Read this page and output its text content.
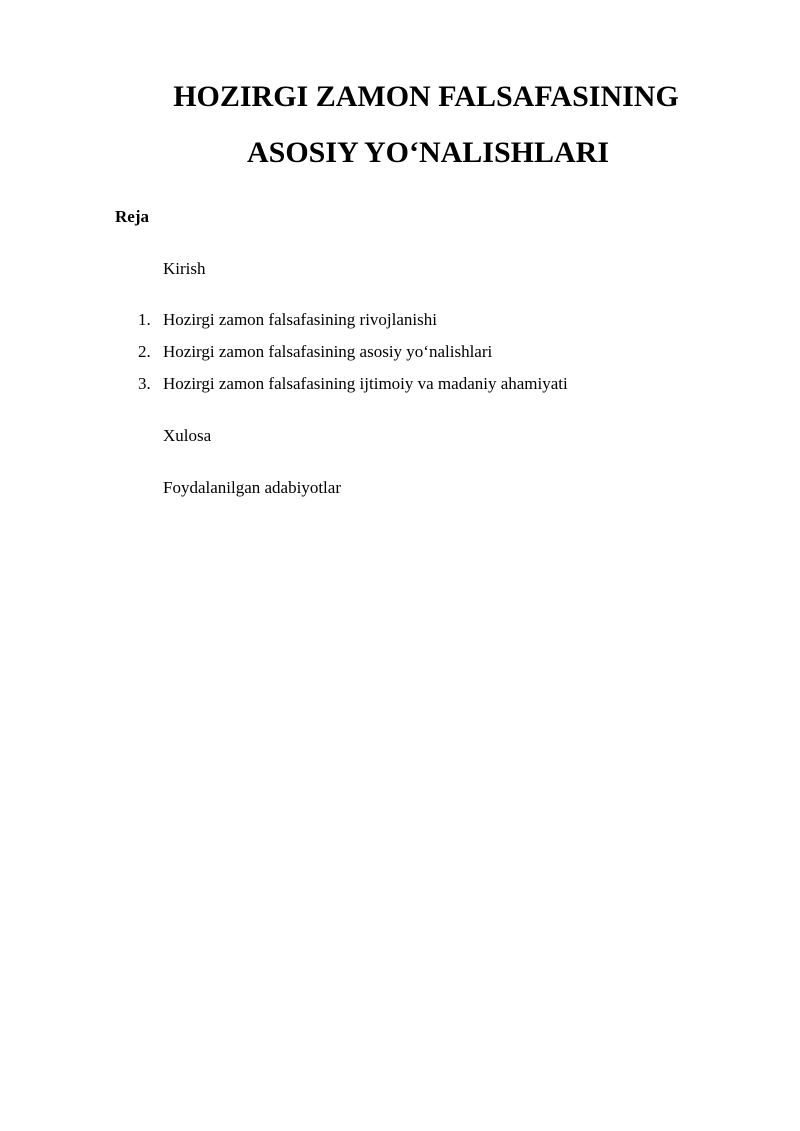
HOZIRGI ZAMON FALSAFASINING
ASOSIY YO‘NALISHLARI
Reja
Kirish
1. Hozirgi zamon falsafasining rivojlanishi
2. Hozirgi zamon falsafasining asosiy yo‘nalishlari
3. Hozirgi zamon falsafasining ijtimoiy va madaniy ahamiyati
Xulosa
Foydalanilgan adabiyotlar
